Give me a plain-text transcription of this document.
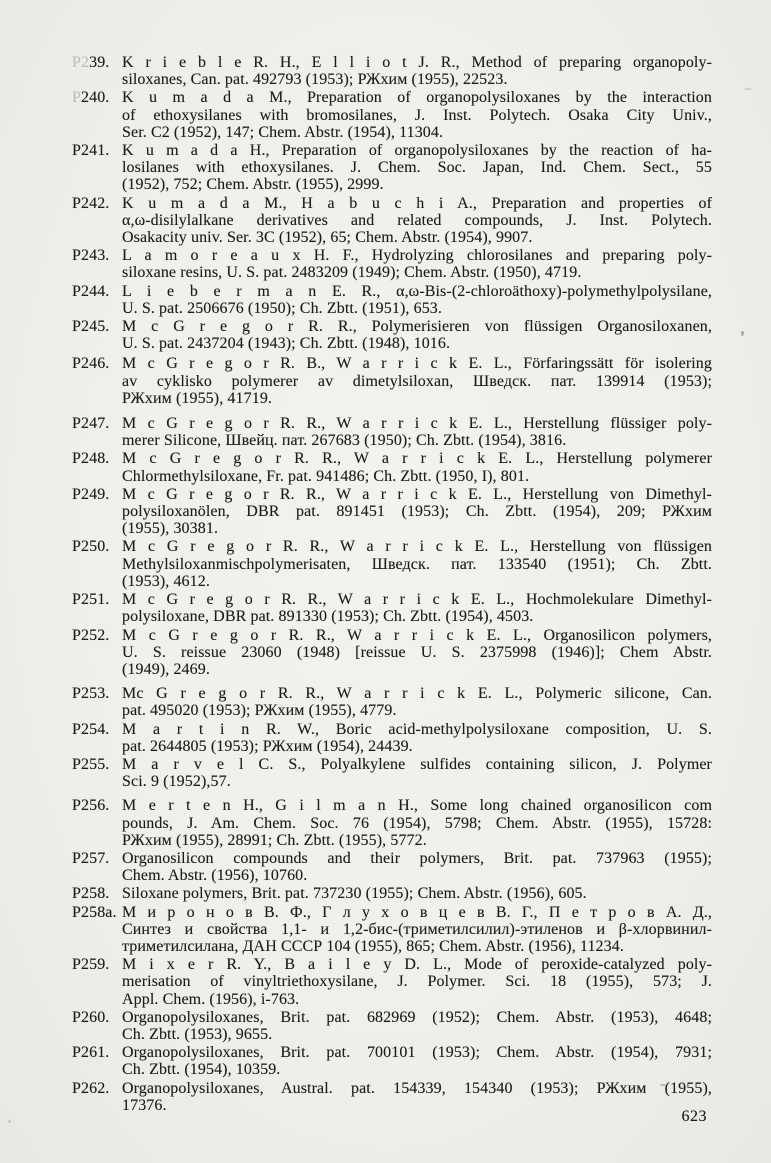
P239. K r i e b l e R. H., E l l i o t J. R., Method of preparing organopoly-
siloxanes, Can. pat. 492793 (1953); РЖхим (1955), 22523.
P240. K u m a d a M., Preparation of organopolysiloxanes by the interaction
of ethoxysilanes with bromosilanes, J. Inst. Polytech. Osaka City Univ.,
Ser. C2 (1952), 147; Chem. Abstr. (1954), 11304.
P241. K u m a d a H., Preparation of organopolysiloxanes by the reaction of ha-
losilanes with ethoxysilanes. J. Chem. Soc. Japan, Ind. Chem. Sect., 55
(1952), 752; Chem. Abstr. (1955), 2999.
P242. K u m a d a M., H a b u c h i A., Preparation and properties of
α,ω-disilylalkane derivatives and related compounds, J. Inst. Polytech.
Osakacity univ. Ser. 3C (1952), 65; Chem. Abstr. (1954), 9907.
P243. L a m o r e a u x H. F., Hydrolyzing chlorosilanes and preparing poly-
siloxane resins, U. S. pat. 2483209 (1949); Chem. Abstr. (1950), 4719.
P244. L i e b e r m a n E. R., α,ω-Bis-(2-chloroäthoxy)-polymethylpolysilane,
U. S. pat. 2506676 (1950); Ch. Zbtt. (1951), 653.
P245. M c G r e g o r R. R., Polymerisieren von flüssigen Organosiloxanen,
U. S. pat. 2437204 (1943); Ch. Zbtt. (1948), 1016.
P246. M c G r e g o r R. B., W a r r i c k E. L., Förfaringssätt för isolering
av cyklisko polymerer av dimetylsiloxan, Шведск. пат. 139914 (1953);
РЖхим (1955), 41719.
P247. M c G r e g o r R. R., W a r r i c k E. L., Herstellung flüssiger poly-
merer Silicone, Швейц. пат. 267683 (1950); Ch. Zbtt. (1954), 3816.
P248. M c G r e g o r R. R., W a r r i c k E. L., Herstellung polymerer
Chlormethylsiloxane, Fr. pat. 941486; Ch. Zbtt. (1950, I), 801.
P249. M c G r e g o r R. R., W a r r i c k E. L., Herstellung von Dimethyl-
polysiloxanölen, DBR pat. 891451 (1953); Ch. Zbtt. (1954), 209; РЖхим
(1955), 30381.
P250. M c G r e g o r R. R., W a r r i c k E. L., Herstellung von flüssigen
Methylsiloxanmischpolymerisaten, Шведск. пат. 133540 (1951); Ch. Zbtt.
(1953), 4612.
P251. M c G r e g o r R. R., W a r r i c k E. L., Hochmolekulare Dimethyl-
polysiloxane, DBR pat. 891330 (1953); Ch. Zbtt. (1954), 4503.
P252. M c G r e g o r R. R., W a r r i c k E. L., Organosilicon polymers,
U. S. reissue 23060 (1948) [reissue U. S. 2375998 (1946)]; Chem Abstr.
(1949), 2469.
P253. Mc G r e g o r R. R., W a r r i c k E. L., Polymeric silicone, Can.
pat. 495020 (1953); РЖхим (1955), 4779.
P254. M a r t i n R. W., Boric acid-methylpolysiloxane composition, U. S.
pat. 2644805 (1953); РЖхим (1954), 24439.
P255. M a r v e l C. S., Polyalkylene sulfides containing silicon, J. Polymer
Sci. 9 (1952),57.
P256. M e r t e n H., G i l m a n H., Some long chained organosilicon com
pounds, J. Am. Chem. Soc. 76 (1954), 5798; Chem. Abstr. (1955), 15728:
РЖхим (1955), 28991; Ch. Zbtt. (1955), 5772.
P257. Organosilicon compounds and their polymers, Brit. pat. 737963 (1955);
Chem. Abstr. (1956), 10760.
P258. Siloxane polymers, Brit. pat. 737230 (1955); Chem. Abstr. (1956), 605.
P258a. М и р о н о в В. Ф., Г л у х о в ц е в В. Г., П е т р о в А. Д.,
Синтез и свойства 1,1- и 1,2-бис-(триметилсилил)-этиленов и β-хлорвинил-
триметилсилана, ДАН СССР 104 (1955), 865; Chem. Abstr. (1956), 11234.
P259. M i x e r R. Y., B a i l e y D. L., Mode of peroxide-catalyzed poly-
merisation of vinyltriethoxysilane, J. Polymer. Sci. 18 (1955), 573; J.
Appl. Chem. (1956), i-763.
P260. Organopolysiloxanes, Brit. pat. 682969 (1952); Chem. Abstr. (1953), 4648;
Ch. Zbtt. (1953), 9655.
P261. Organopolysiloxanes, Brit. pat. 700101 (1953); Chem. Abstr. (1954), 7931;
Ch. Zbtt. (1954), 10359.
P262. Organopolysiloxanes, Austral. pat. 154339, 154340 (1953); РЖхим (1955),
17376.
623
